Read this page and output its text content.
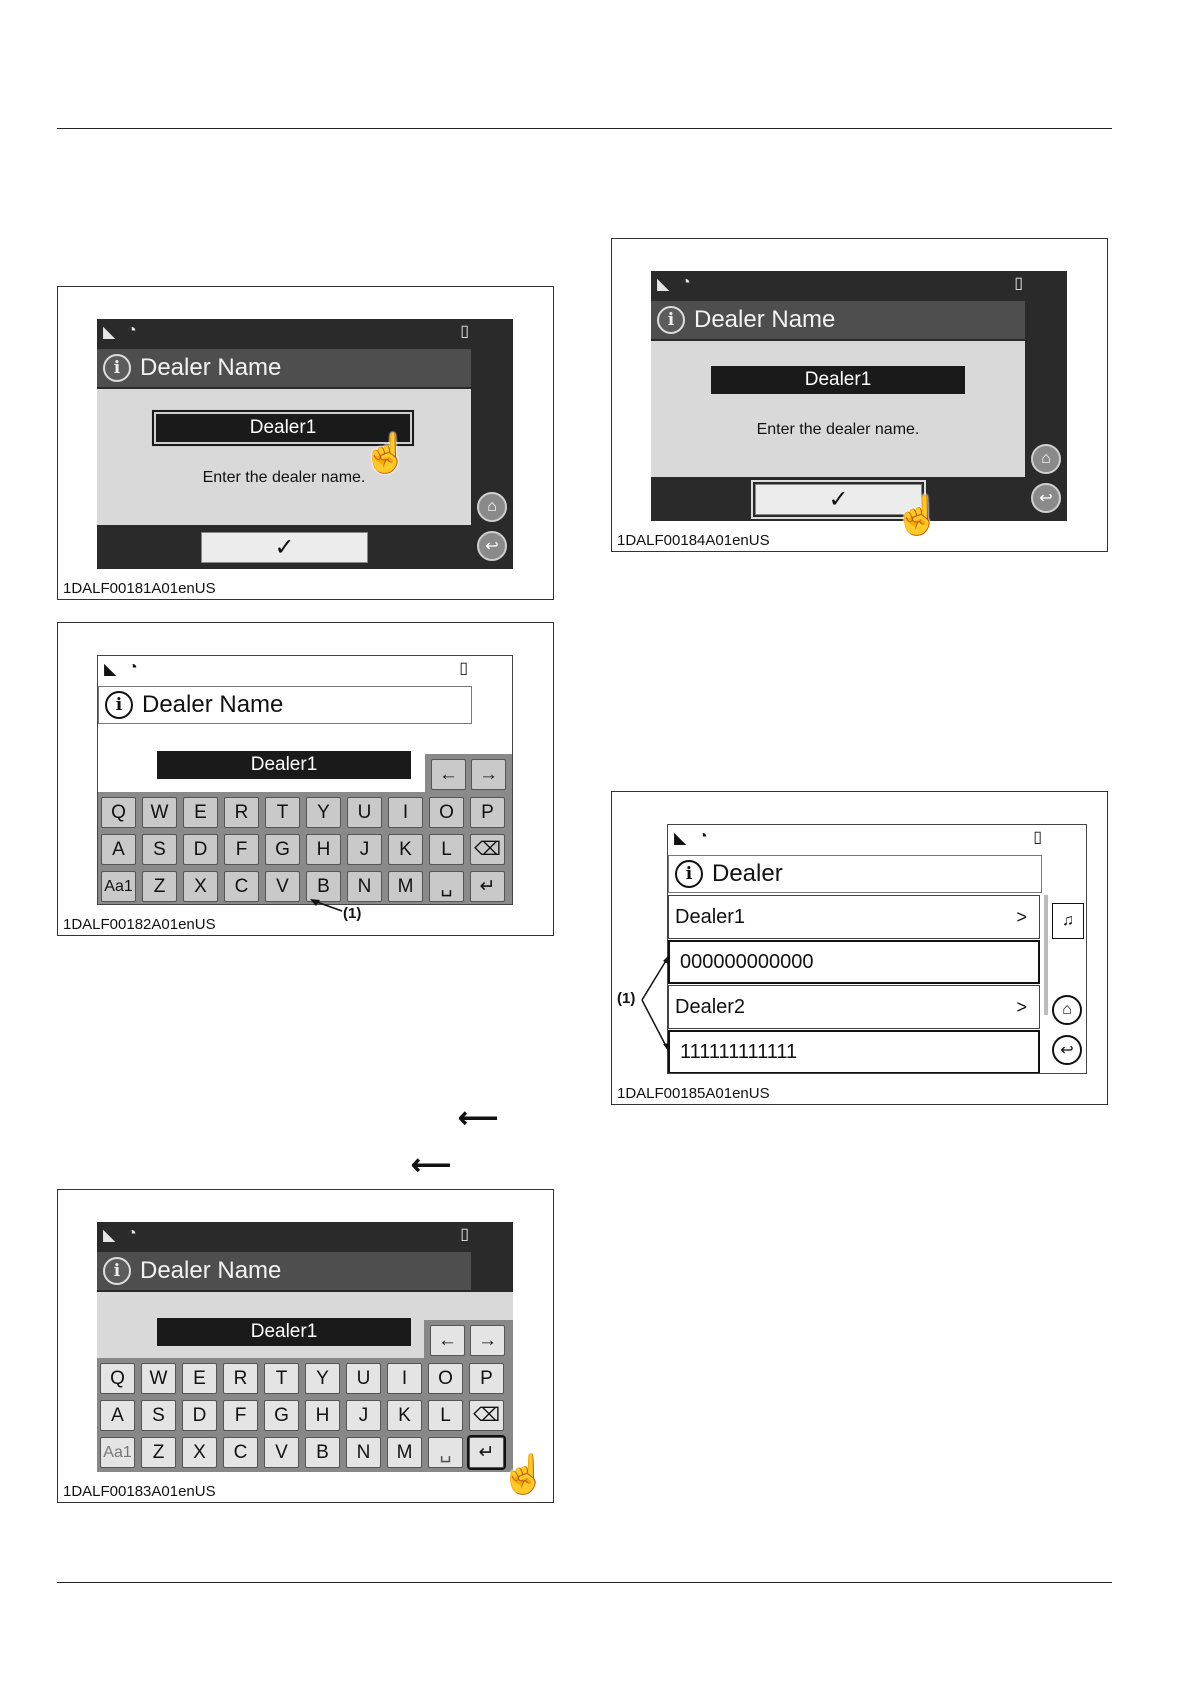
◣ ◔	▯
i Dealer Name
Dealer1
Enter the dealer name.
✓
⌂
↩
☝
1DALF00181A01enUS
◣ ◔	▯
i Dealer Name
Dealer1	←	→
Q	W	E	R	T	Y	U	I	O	P
A	S	D	F	G	H	J	K	L	⌫
Aa1	Z	X	C	V	B	N	M	␣	↵
(1)
1DALF00182A01enUS
⟵
⟵
◣ ◔	▯
i Dealer Name
Dealer1	←	→
Q	W	E	R	T	Y	U	I	O	P
A	S	D	F	G	H	J	K	L	⌫
Aa1	Z	X	C	V	B	N	M	␣	↵
☝
1DALF00183A01enUS
◣ ◔	▯
i Dealer Name
Dealer1
Enter the dealer name.
✓
⌂
↩
☝
1DALF00184A01enUS
◣ ◔	▯
i Dealer
Dealer1	>
000000000000
Dealer2	>
111111111111
♫
⌂
↩
(1)
1DALF00185A01enUS
